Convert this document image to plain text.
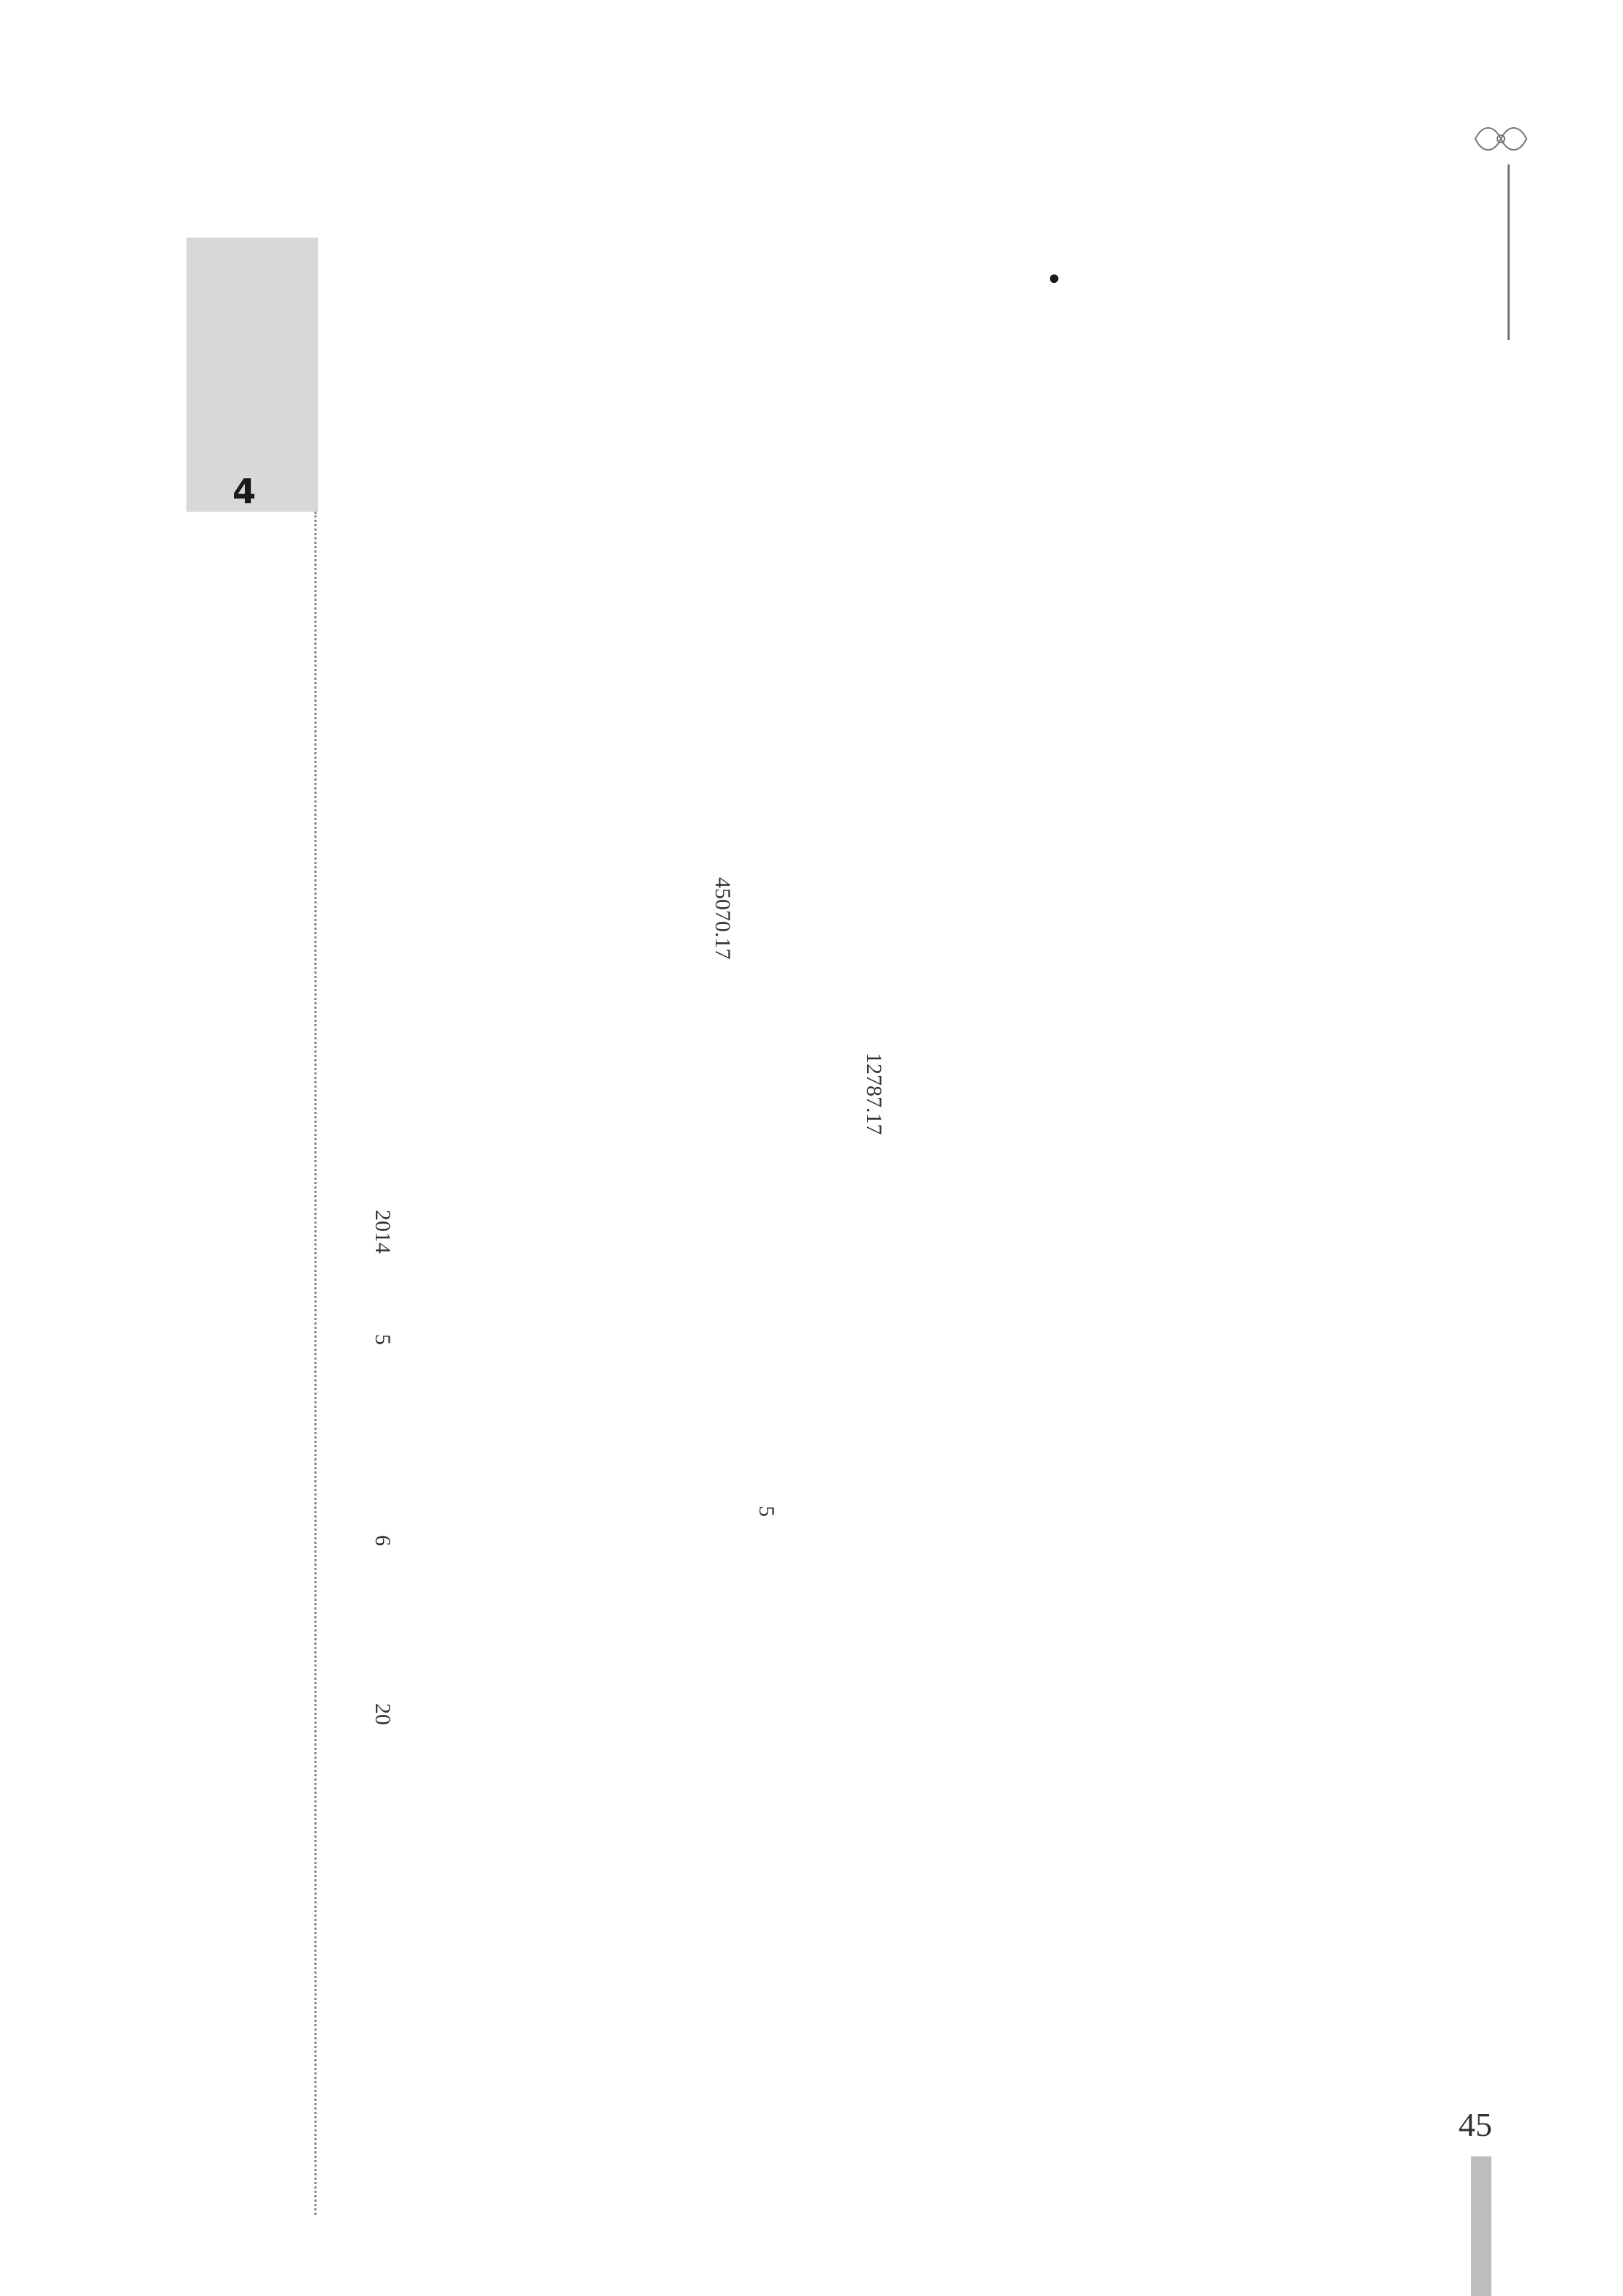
4
•
12787.17
45070.17
5
20
6
5
2014
45
